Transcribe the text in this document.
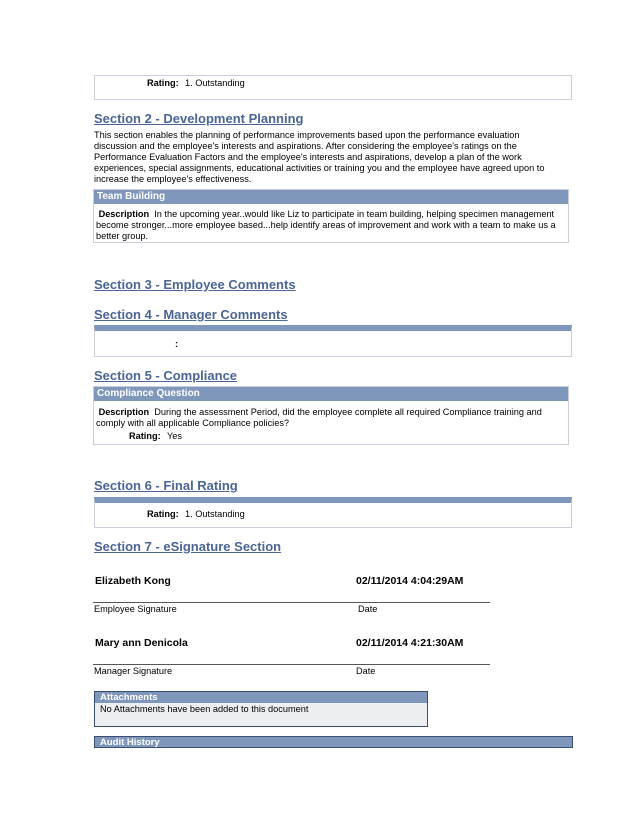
Rating: 1. Outstanding
Section 2 - Development Planning
This section enables the planning of performance improvements based upon the performance evaluation discussion and the employee's interests and aspirations. After considering the employee's ratings on the Performance Evaluation Factors and the employee's interests and aspirations, develop a plan of the work experiences, special assignments, educational activities or training you and the employee have agreed upon to increase the employee's effectiveness.
Team Building
Description In the upcoming year..would like Liz to participate in team building, helping specimen management become stronger...more employee based...help identify areas of improvement and work with a team to make us a better group.
Section 3 - Employee Comments
Section 4 - Manager Comments
:
Section 5 - Compliance
Compliance Question
Description During the assessment Period, did the employee complete all required Compliance training and comply with all applicable Compliance policies?
Rating: Yes
Section 6 - Final Rating
Rating: 1. Outstanding
Section 7 - eSignature Section
Elizabeth Kong	02/11/2014 4:04:29AM
Employee Signature	Date
Mary ann Denicola	02/11/2014 4:21:30AM
Manager Signature	Date
Attachments
No Attachments have been added to this document
Audit History
